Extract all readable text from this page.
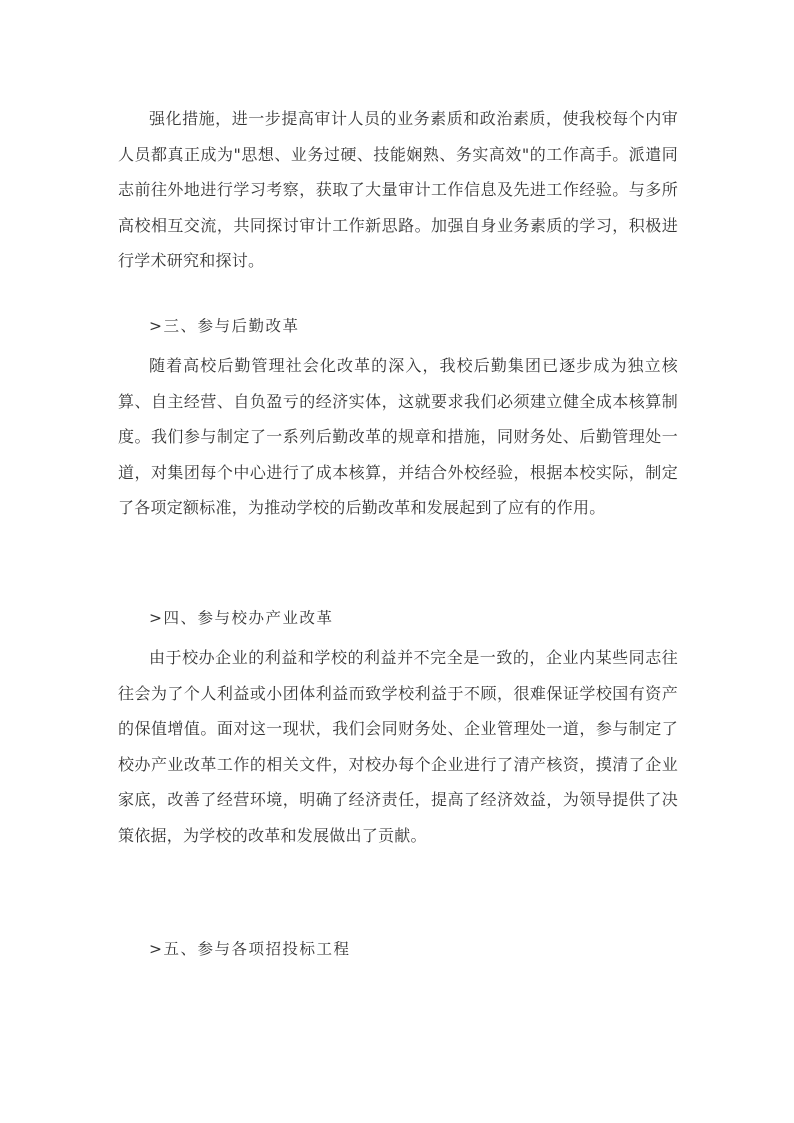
强化措施，进一步提高审计人员的业务素质和政治素质，使我校每个内审人员都真正成为"思想、业务过硬、技能娴熟、务实高效"的工作高手。派遣同志前往外地进行学习考察，获取了大量审计工作信息及先进工作经验。与多所高校相互交流，共同探讨审计工作新思路。加强自身业务素质的学习，积极进行学术研究和探讨。

>三、参与后勤改革

随着高校后勤管理社会化改革的深入，我校后勤集团已逐步成为独立核算、自主经营、自负盈亏的经济实体，这就要求我们必须建立健全成本核算制度。我们参与制定了一系列后勤改革的规章和措施，同财务处、后勤管理处一道，对集团每个中心进行了成本核算，并结合外校经验，根据本校实际，制定了各项定额标准，为推动学校的后勤改革和发展起到了应有的作用。

>四、参与校办产业改革

由于校办企业的利益和学校的利益并不完全是一致的，企业内某些同志往往会为了个人利益或小团体利益而致学校利益于不顾，很难保证学校国有资产的保值增值。面对这一现状，我们会同财务处、企业管理处一道，参与制定了校办产业改革工作的相关文件，对校办每个企业进行了清产核资，摸清了企业家底，改善了经营环境，明确了经济责任，提高了经济效益，为领导提供了决策依据，为学校的改革和发展做出了贡献。

>五、参与各项招投标工程
